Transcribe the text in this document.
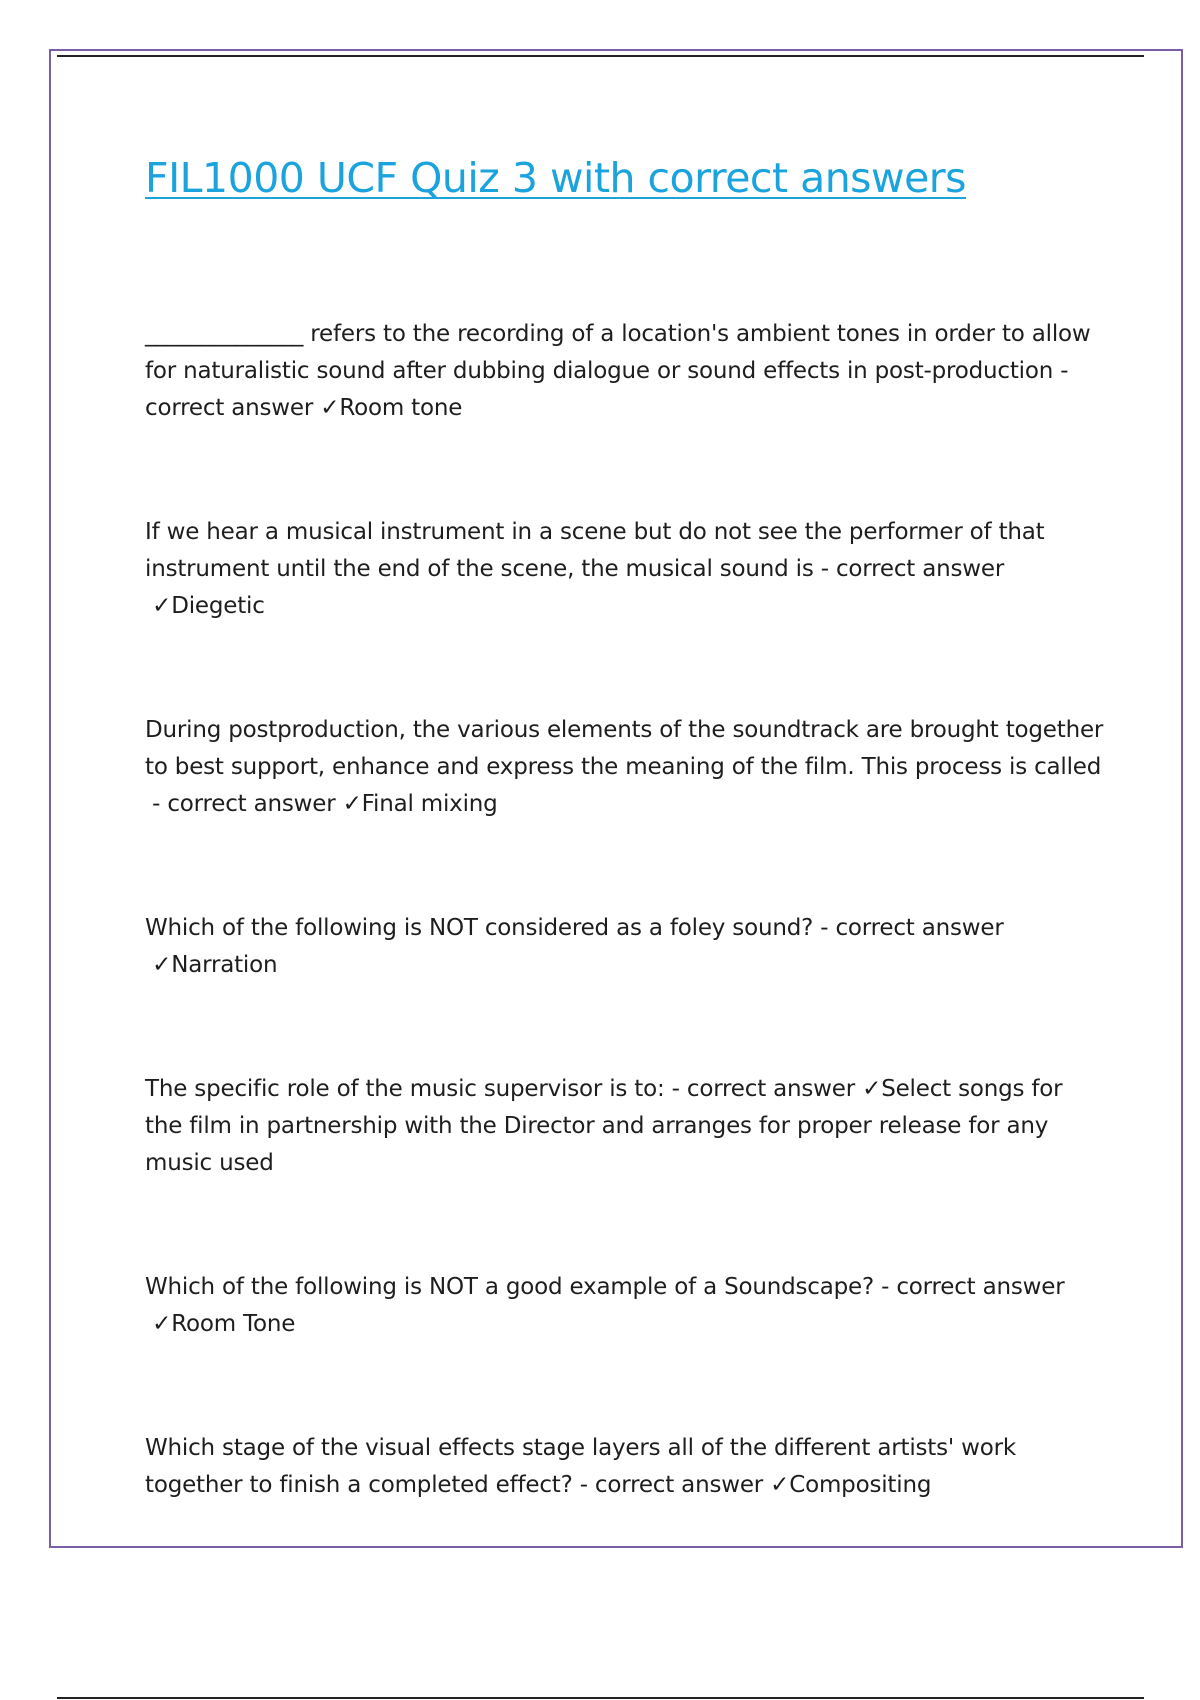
FIL1000 UCF Quiz 3 with correct answers

______________ refers to the recording of a location's ambient tones in order to allow for naturalistic sound after dubbing dialogue or sound effects in post-production - correct answer ✓Room tone

If we hear a musical instrument in a scene but do not see the performer of that instrument until the end of the scene, the musical sound is - correct answer ✓Diegetic

During postproduction, the various elements of the soundtrack are brought together to best support, enhance and express the meaning of the film. This process is called - correct answer ✓Final mixing

Which of the following is NOT considered as a foley sound? - correct answer ✓Narration

The specific role of the music supervisor is to: - correct answer ✓Select songs for the film in partnership with the Director and arranges for proper release for any music used

Which of the following is NOT a good example of a Soundscape? - correct answer ✓Room Tone

Which stage of the visual effects stage layers all of the different artists' work together to finish a completed effect? - correct answer ✓Compositing
